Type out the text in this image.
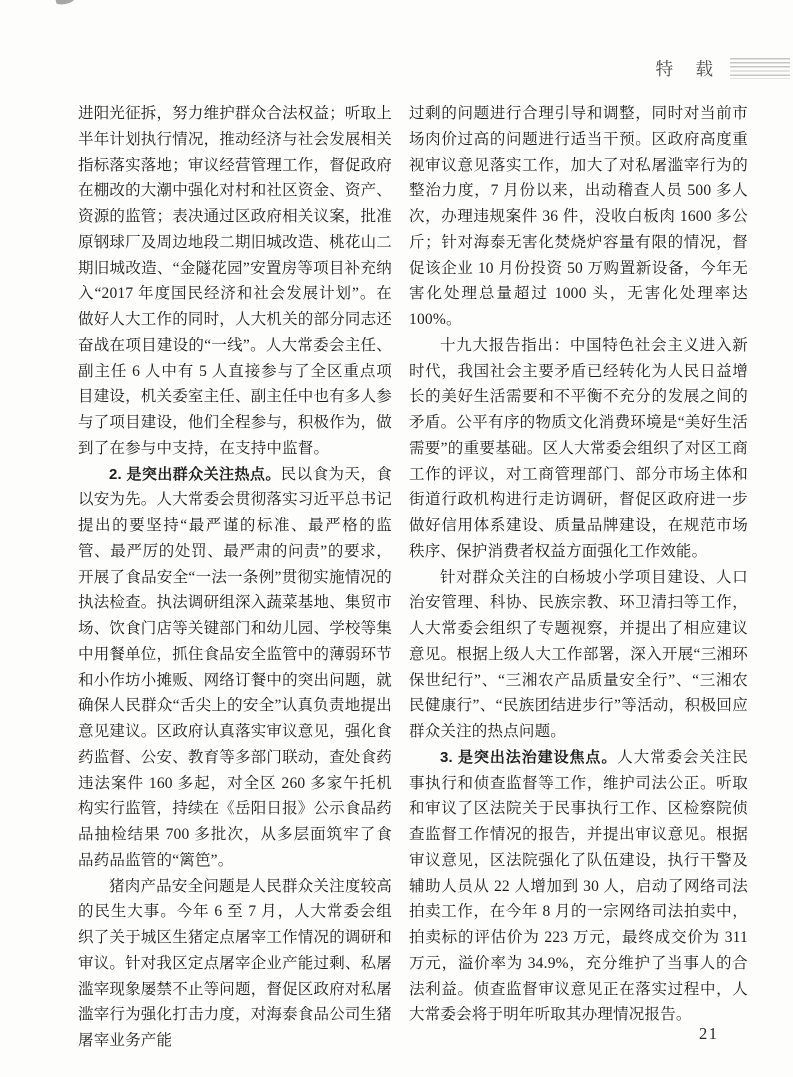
特 载

进阳光征拆，努力维护群众合法权益；听取上半年计划执行情况，推动经济与社会发展相关指标落实落地；审议经营管理工作，督促政府在棚改的大潮中强化对村和社区资金、资产、资源的监管；表决通过区政府相关议案，批准原钢球厂及周边地段二期旧城改造、桃花山二期旧城改造、“金隧花园”安置房等项目补充纳入“2017 年度国民经济和社会发展计划”。在做好人大工作的同时，人大机关的部分同志还奋战在项目建设的“一线”。人大常委会主任、副主任 6 人中有 5 人直接参与了全区重点项目建设，机关委室主任、副主任中也有多人参与了项目建设，他们全程参与，积极作为，做到了在参与中支持，在支持中监督。

2. 是突出群众关注热点。民以食为天，食以安为先。人大常委会贯彻落实习近平总书记提出的要坚持“最严谨的标准、最严格的监管、最严厉的处罚、最严肃的问责”的要求，开展了食品安全“一法一条例”贯彻实施情况的执法检查。执法调研组深入蔬菜基地、集贸市场、饮食门店等关键部门和幼儿园、学校等集中用餐单位，抓住食品安全监管中的薄弱环节和小作坊小摊贩、网络订餐中的突出问题，就确保人民群众“舌尖上的安全”认真负责地提出意见建议。区政府认真落实审议意见，强化食药监督、公安、教育等多部门联动，查处食药违法案件 160 多起，对全区 260 多家午托机构实行监管，持续在《岳阳日报》公示食品药品抽检结果 700 多批次，从多层面筑牢了食品药品监管的“篱笆”。

猪肉产品安全问题是人民群众关注度较高的民生大事。今年 6 至 7 月，人大常委会组织了关于城区生猪定点屠宰工作情况的调研和审议。针对我区定点屠宰企业产能过剩、私屠滥宰现象屡禁不止等问题，督促区政府对私屠滥宰行为强化打击力度，对海泰食品公司生猪屠宰业务产能

过剩的问题进行合理引导和调整，同时对当前市场肉价过高的问题进行适当干预。区政府高度重视审议意见落实工作，加大了对私屠滥宰行为的整治力度，7 月份以来，出动稽查人员 500 多人次，办理违规案件 36 件，没收白板肉 1600 多公斤；针对海泰无害化焚烧炉容量有限的情况，督促该企业 10 月份投资 50 万购置新设备，今年无害化处理总量超过 1000 头，无害化处理率达 100%。

十九大报告指出：中国特色社会主义进入新时代，我国社会主要矛盾已经转化为人民日益增长的美好生活需要和不平衡不充分的发展之间的矛盾。公平有序的物质文化消费环境是“美好生活需要”的重要基础。区人大常委会组织了对区工商工作的评议，对工商管理部门、部分市场主体和街道行政机构进行走访调研，督促区政府进一步做好信用体系建设、质量品牌建设，在规范市场秩序、保护消费者权益方面强化工作效能。

针对群众关注的白杨坡小学项目建设、人口治安管理、科协、民族宗教、环卫清扫等工作，人大常委会组织了专题视察，并提出了相应建议意见。根据上级人大工作部署，深入开展“三湘环保世纪行”、“三湘农产品质量安全行”、“三湘农民健康行”、“民族团结进步行”等活动，积极回应群众关注的热点问题。

3. 是突出法治建设焦点。人大常委会关注民事执行和侦查监督等工作，维护司法公正。听取和审议了区法院关于民事执行工作、区检察院侦查监督工作情况的报告，并提出审议意见。根据审议意见，区法院强化了队伍建设，执行干警及辅助人员从 22 人增加到 30 人，启动了网络司法拍卖工作，在今年 8 月的一宗网络司法拍卖中，拍卖标的评估价为 223 万元，最终成交价为 311 万元，溢价率为 34.9%，充分维护了当事人的合法利益。侦查监督审议意见正在落实过程中，人大常委会将于明年听取其办理情况报告。

21
